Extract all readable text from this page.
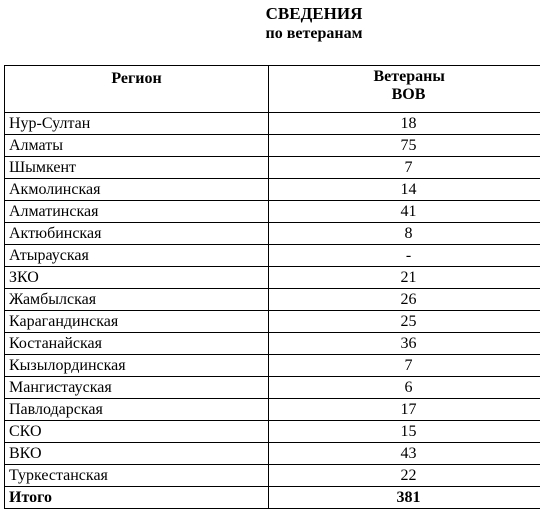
СВЕДЕНИЯ
по ветеранам
Регион	Ветераны ВОВ
Нур-Султан	18
Алматы	75
Шымкент	7
Акмолинская	14
Алматинская	41
Актюбинская	8
Атырауская	-
ЗКО	21
Жамбылская	26
Карагандинская	25
Костанайская	36
Кызылординская	7
Мангистауская	6
Павлодарская	17
СКО	15
ВКО	43
Туркестанская	22
Итого	381
